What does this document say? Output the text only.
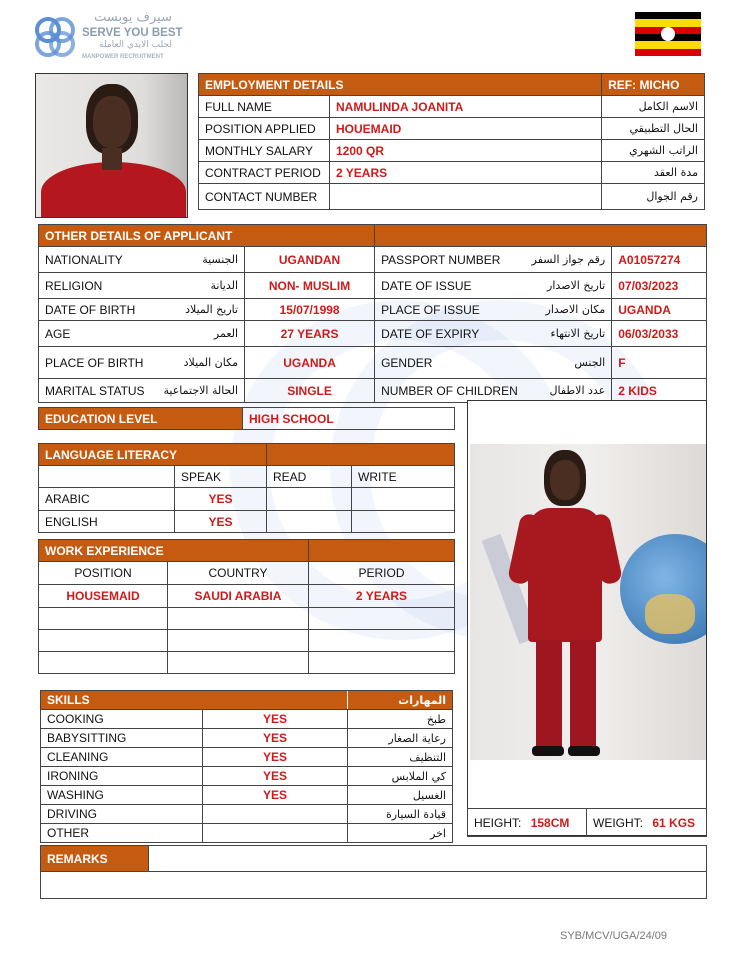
سيرف يوبست
SERVE YOU BEST
لجلب الايدي العاملة
MANPOWER RECRUITMENT
EMPLOYMENT DETAILS		REF: MICHO
FULL NAME	NAMULINDA JOANITA	الاسم الكامل
POSITION APPLIED	HOUEMAID	الحال التطبيقي
MONTHLY SALARY	1200 QR	الراتب الشهري
CONTRACT PERIOD	2 YEARS	مدة العقد
CONTACT NUMBER		رقم الجوال
OTHER DETAILS OF APPLICANT					
NATIONALITY	الجنسية	UGANDAN	PASSPORT NUMBER	رقم جواز السفر	A01057274
RELIGION	الديانة	NON- MUSLIM	DATE OF ISSUE	تاريخ الاصدار	07/03/2023
DATE OF BIRTH	تاريخ الميلاد	15/07/1998	PLACE OF ISSUE	مكان الاصدار	UGANDA
AGE	العمر	27 YEARS	DATE OF EXPIRY	تاريخ الانتهاء	06/03/2033
PLACE OF BIRTH	مكان الميلاد	UGANDA	GENDER	الجنس	F
MARITAL STATUS	الحالة الاجتماعية	SINGLE	NUMBER OF CHILDREN	عدد الاطفال	2 KIDS
EDUCATION LEVEL	HIGH SCHOOL
LANGUAGE LITERACY			
	SPEAK	READ	WRITE
ARABIC	YES		
ENGLISH	YES		
WORK EXPERIENCE		
POSITION	COUNTRY	PERIOD
HOUSEMAID	SAUDI ARABIA	2 YEARS

HEIGHT: 158CM	WEIGHT: 61 KGS
SKILLS		المهارات
COOKING	YES	طبخ
BABYSITTING	YES	رعاية الصغار
CLEANING	YES	التنظيف
IRONING	YES	كي الملابس
WASHING	YES	الغسيل
DRIVING		قيادة السيارة
OTHER		اخر
REMARKS	

SYB/MCV/UGA/24/09
